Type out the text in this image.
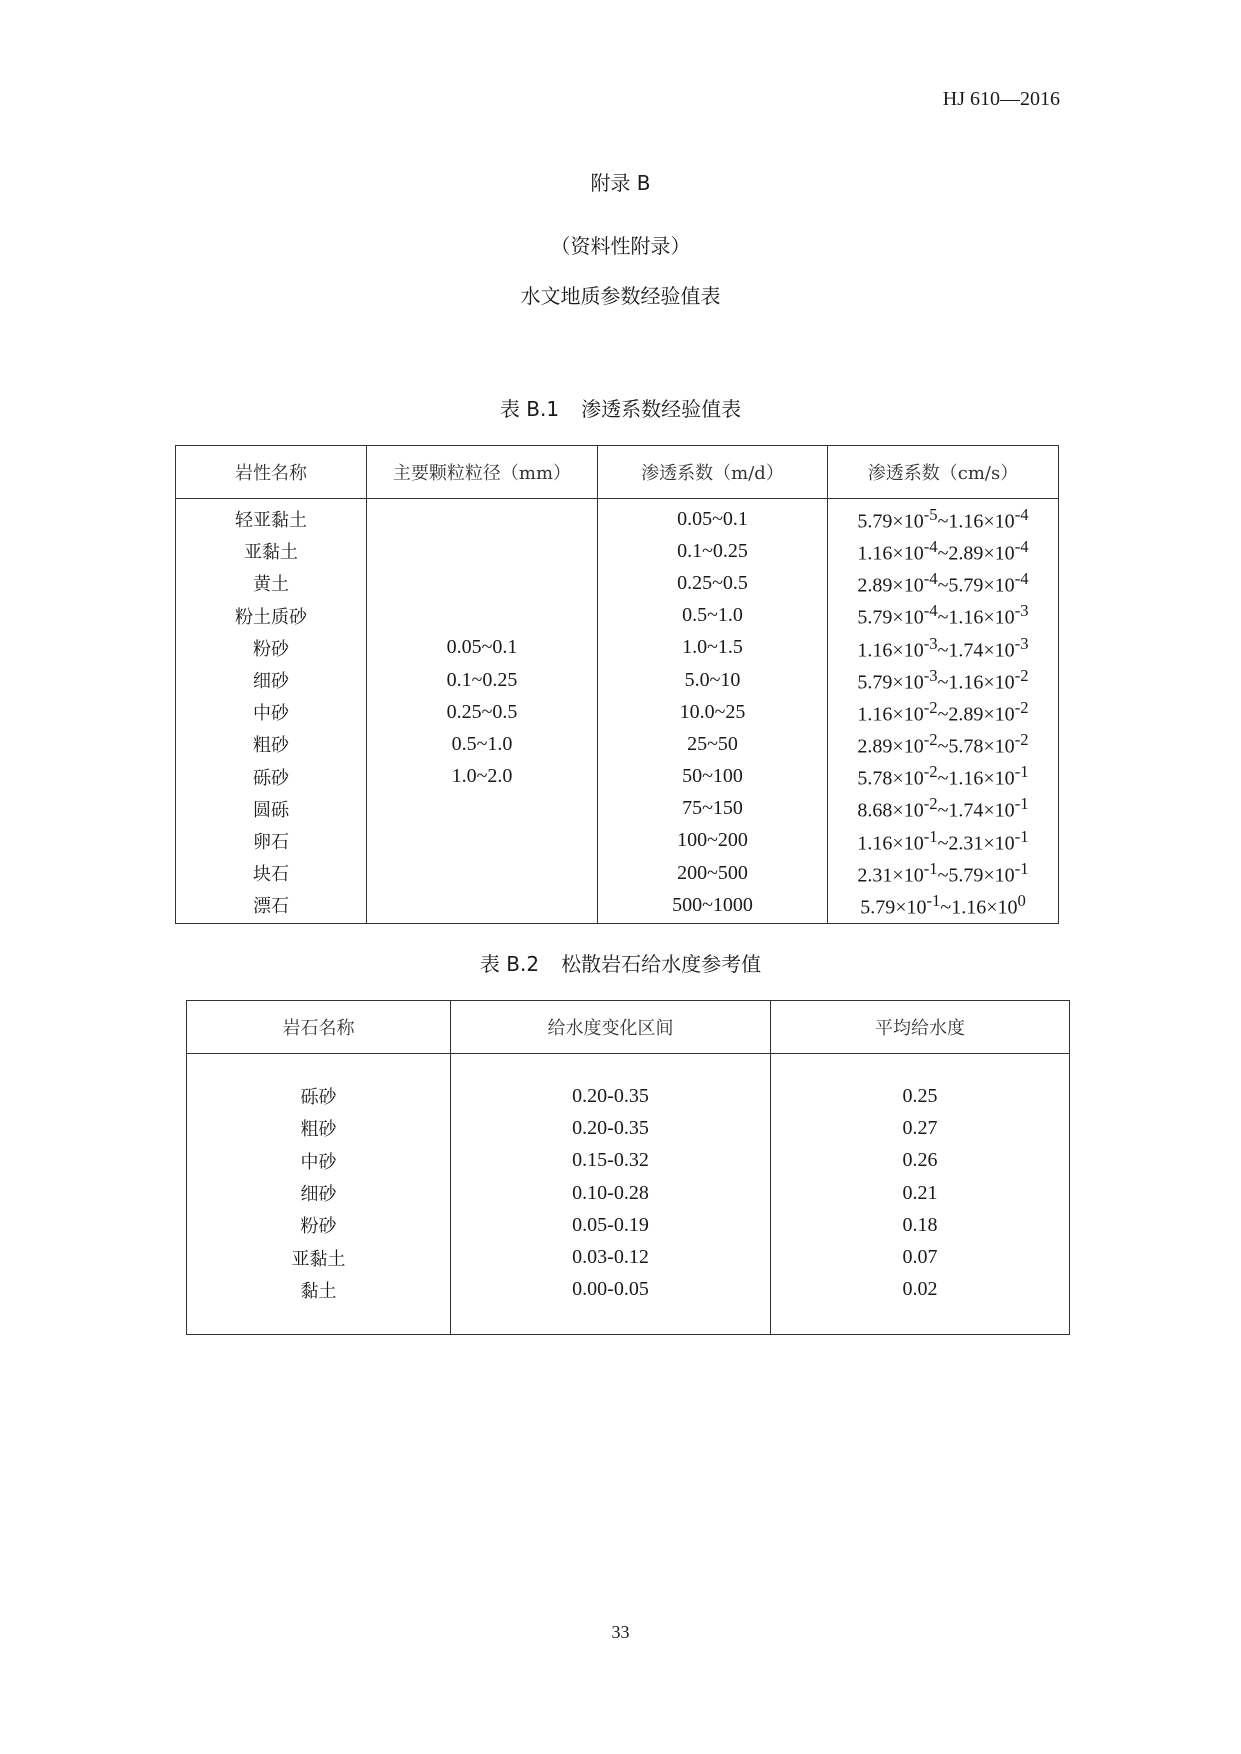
HJ 610—2016
附录 B
（资料性附录）
水文地质参数经验值表
表 B.1 渗透系数经验值表
岩性名称	主要颗粒粒径（mm）	渗透系数（m/d）	渗透系数（cm/s）
轻亚黏土		0.05~0.1	$5.79\times 10^{-5}\sim 1.16\times 10^{-4}$
亚黏土		0.1~0.25	$1.16\times 10^{-4}\sim 2.89\times 10^{-4}$
黄土		0.25~0.5	$2.89\times 10^{-4}\sim 5.79\times 10^{-4}$
粉土质砂		0.5~1.0	$5.79\times 10^{-4}\sim 1.16\times 10^{-3}$
粉砂	0.05~0.1	1.0~1.5	$1.16\times 10^{-3}\sim 1.74\times 10^{-3}$
细砂	0.1~0.25	5.0~10	$5.79\times 10^{-3}\sim 1.16\times 10^{-2}$
中砂	0.25~0.5	10.0~25	$1.16\times 10^{-2}\sim 2.89\times 10^{-2}$
粗砂	0.5~1.0	25~50	$2.89\times 10^{-2}\sim 5.78\times 10^{-2}$
砾砂	1.0~2.0	50~100	$5.78\times 10^{-2}\sim 1.16\times 10^{-1}$
圆砾		75~150	$8.68\times 10^{-2}\sim 1.74\times 10^{-1}$
卵石		100~200	$1.16\times 10^{-1}\sim 2.31\times 10^{-1}$
块石		200~500	$2.31\times 10^{-1}\sim 5.79\times 10^{-1}$
漂石		500~1000	$5.79\times 10^{-1}\sim 1.16\times 10^0$
表 B.2 松散岩石给水度参考值
岩石名称	给水度变化区间	平均给水度
砾砂	0.20-0.35	0.25
粗砂	0.20-0.35	0.27
中砂	0.15-0.32	0.26
细砂	0.10-0.28	0.21
粉砂	0.05-0.19	0.18
亚黏土	0.03-0.12	0.07
黏土	0.00-0.05	0.02
33
